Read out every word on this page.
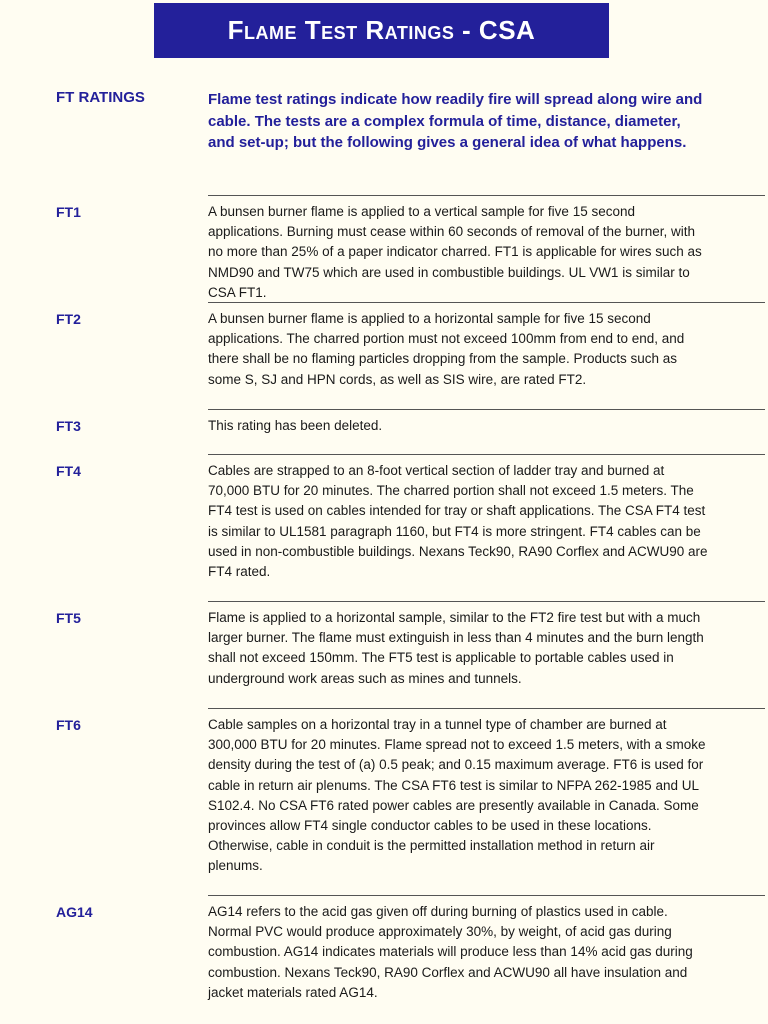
Flame Test Ratings - CSA
FT RATINGS	Flame test ratings indicate how readily fire will spread along wire and cable. The tests are a complex formula of time, distance, diameter, and set-up; but the following gives a general idea of what happens.
FT1	A bunsen burner flame is applied to a vertical sample for five 15 second applications. Burning must cease within 60 seconds of removal of the burner, with no more than 25% of a paper indicator charred. FT1 is applicable for wires such as NMD90 and TW75 which are used in combustible buildings. UL VW1 is similar to CSA FT1.
FT2	A bunsen burner flame is applied to a horizontal sample for five 15 second applications. The charred portion must not exceed 100mm from end to end, and there shall be no flaming particles dropping from the sample. Products such as some S, SJ and HPN cords, as well as SIS wire, are rated FT2.
FT3	This rating has been deleted.
FT4	Cables are strapped to an 8-foot vertical section of ladder tray and burned at 70,000 BTU for 20 minutes. The charred portion shall not exceed 1.5 meters. The FT4 test is used on cables intended for tray or shaft applications. The CSA FT4 test is similar to UL1581 paragraph 1160, but FT4 is more stringent. FT4 cables can be used in non-combustible buildings. Nexans Teck90, RA90 Corflex and ACWU90 are FT4 rated.
FT5	Flame is applied to a horizontal sample, similar to the FT2 fire test but with a much larger burner. The flame must extinguish in less than 4 minutes and the burn length shall not exceed 150mm. The FT5 test is applicable to portable cables used in underground work areas such as mines and tunnels.
FT6	Cable samples on a horizontal tray in a tunnel type of chamber are burned at 300,000 BTU for 20 minutes. Flame spread not to exceed 1.5 meters, with a smoke density during the test of (a) 0.5 peak; and 0.15 maximum average. FT6 is used for cable in return air plenums. The CSA FT6 test is similar to NFPA 262-1985 and UL S102.4. No CSA FT6 rated power cables are presently available in Canada. Some provinces allow FT4 single conductor cables to be used in these locations. Otherwise, cable in conduit is the permitted installation method in return air plenums.
AG14	AG14 refers to the acid gas given off during burning of plastics used in cable. Normal PVC would produce approximately 30%, by weight, of acid gas during combustion. AG14 indicates materials will produce less than 14% acid gas during combustion. Nexans Teck90, RA90 Corflex and ACWU90 all have insulation and jacket materials rated AG14.
